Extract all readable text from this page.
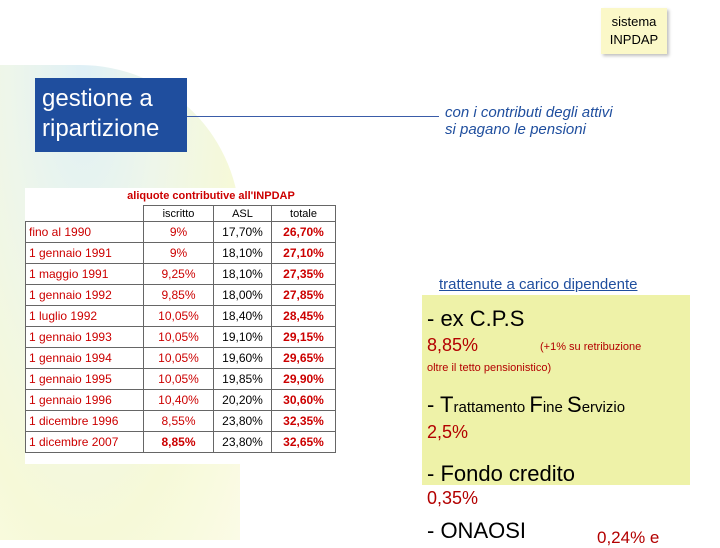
sistema
INPDAP
gestione a ripartizione
con i contributi degli attivi
si pagano le pensioni
aliquote contributive all'INPDAP
	iscritto	ASL	totale
fino al 1990	9%	17,70%	26,70%
1 gennaio 1991	9%	18,10%	27,10%
1 maggio 1991	9,25%	18,10%	27,35%
1 gennaio 1992	9,85%	18,00%	27,85%
1 luglio 1992	10,05%	18,40%	28,45%
1 gennaio 1993	10,05%	19,10%	29,15%
1 gennaio 1994	10,05%	19,60%	29,65%
1 gennaio 1995	10,05%	19,85%	29,90%
1 gennaio 1996	10,40%	20,20%	30,60%
1 dicembre 1996	8,55%	23,80%	32,35%
1 dicembre 2007	8,85%	23,80%	32,65%
trattenute a carico dipendente
- ex C.P.S
8,85%	(+1% su retribuzione
oltre il tetto pensionistico)
- Trattamento Fine Servizio
2,5%
- Fondo credito
0,35%
- ONAOSI	0,24% e
